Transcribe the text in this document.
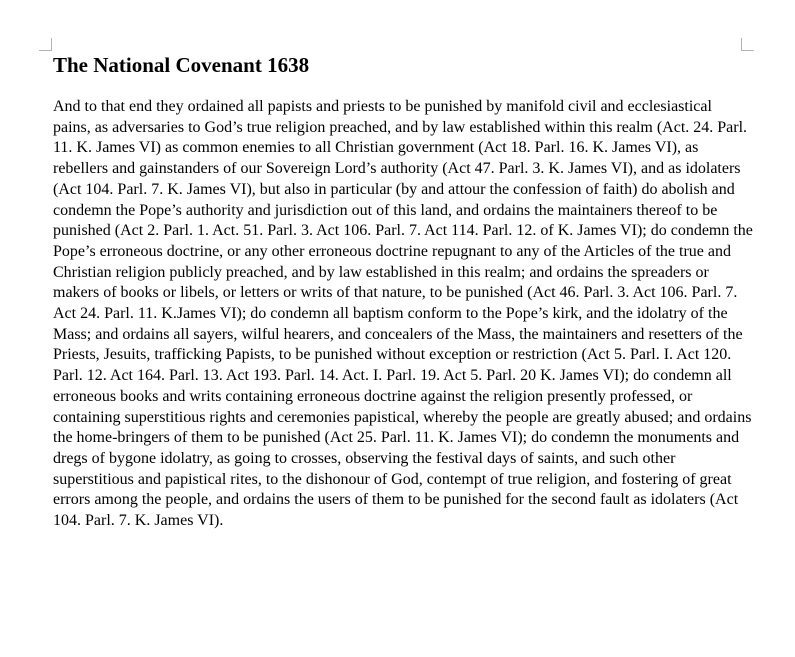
The National Covenant 1638

And to that end they ordained all papists and priests to be punished by manifold civil and ecclesiastical pains, as adversaries to God’s true religion preached, and by law established within this realm (Act. 24. Parl. 11. K. James VI) as common enemies to all Christian government (Act 18. Parl. 16. K. James VI), as rebellers and gainstanders of our Sovereign Lord’s authority (Act 47. Parl. 3. K. James VI), and as idolaters (Act 104. Parl. 7. K. James VI), but also in particular (by and attour the confession of faith) do abolish and condemn the Pope’s authority and jurisdiction out of this land, and ordains the maintainers thereof to be punished (Act 2. Parl. 1. Act. 51. Parl. 3. Act 106. Parl. 7. Act 114. Parl. 12. of K. James VI); do condemn the Pope’s erroneous doctrine, or any other erroneous doctrine repugnant to any of the Articles of the true and Christian religion publicly preached, and by law established in this realm; and ordains the spreaders or makers of books or libels, or letters or writs of that nature, to be punished (Act 46. Parl. 3. Act 106. Parl. 7. Act 24. Parl. 11. K.James VI); do condemn all baptism conform to the Pope’s kirk, and the idolatry of the Mass; and ordains all sayers, wilful hearers, and concealers of the Mass, the maintainers and resetters of the Priests, Jesuits, trafficking Papists, to be punished without exception or restriction (Act 5. Parl. I. Act 120. Parl. 12. Act 164. Parl. 13. Act 193. Parl. 14. Act. I. Parl. 19. Act 5. Parl. 20 K. James VI); do condemn all erroneous books and writs containing erroneous doctrine against the religion presently professed, or containing superstitious rights and ceremonies papistical, whereby the people are greatly abused; and ordains the home-bringers of them to be punished (Act 25. Parl. 11. K. James VI); do condemn the monuments and dregs of bygone idolatry, as going to crosses, observing the festival days of saints, and such other superstitious and papistical rites, to the dishonour of God, contempt of true religion, and fostering of great errors among the people, and ordains the users of them to be punished for the second fault as idolaters (Act 104. Parl. 7. K. James VI).
